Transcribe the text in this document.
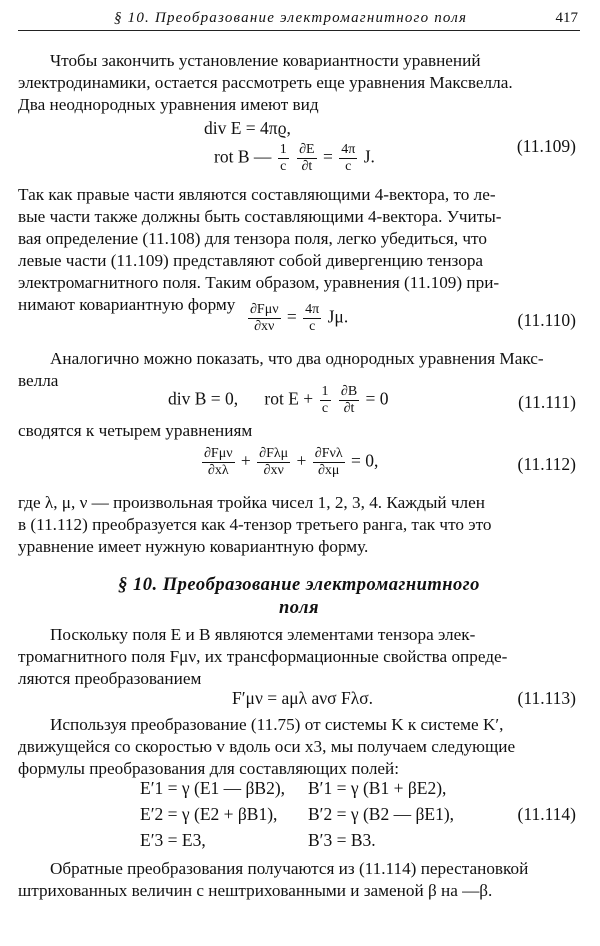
§ 10. Преобразование электромагнитного поля	417

Чтобы закончить установление ковариантности уравнений

электродинамики, остается рассмотреть еще уравнения Максвелла.

Два неоднородных уравнения имеют вид

div E = 4πϱ,
rot B — $\frac{1}{c}$
$\frac{\partial E}{\partial t} = \frac{4\pi}{c} J$.
(11.109)

Так как правые части являются составляющими 4-вектора, то ле-

вые части также должны быть составляющими 4-вектора. Учиты-

вая определение (11.108) для тензора поля, легко убедиться, что

левые части (11.109) представляют собой дивергенцию тензора

электромагнитного поля. Таким образом, уравнения (11.109) при-

нимают ковариантную форму $\frac{\text{∂Fμν}}{\partial x\nu} = \frac{4\pi}{c} J\mu$.	(11.110)

Аналогично можно показать, что два однородных уравнения Макс-

велла

div B = 0, rot $E + \frac{1}{c}$
$\frac{\partial B}{\partial t} = 0$	(11.111)

сводятся к четырем уравнениям

$\frac{\text{∂Fμν}}{\partial x\lambda} + \frac{\text{∂Fλμ}}{\partial x\nu} + \frac{\text{∂Fνλ}}{\partial x\mu} = 0$,	(11.112)

где λ, μ, ν — произвольная тройка чисел 1, 2, 3, 4. Каждый член

в (11.112) преобразуется как 4-тензор третьего ранга, так что это

уравнение имеет нужную ковариантную форму.

§ 10. Преобразование электромагнитного
поля

Поскольку поля E и B являются элементами тензора элек-

тромагнитного поля Fμν, их трансформационные свойства опреде-

ляются преобразованием

F′μν = aμλ aνσ Fλσ.	(11.113)

Используя преобразование (11.75) от системы K к системе K′,

движущейся со скоростью v вдоль оси x3, мы получаем следующие

формулы преобразования для составляющих полей:

E′1 = γ (E1 — βB2), B′1 = γ (B1 + βE2),
E′2 = γ (E2 + βB1), B′2 = γ (B2 — βE1),
E′3 = E3,	B′3 = B3.
(11.114)

Обратные преобразования получаются из (11.114) перестановкой

штрихованных величин с нештрихованными и заменой β на —β.
